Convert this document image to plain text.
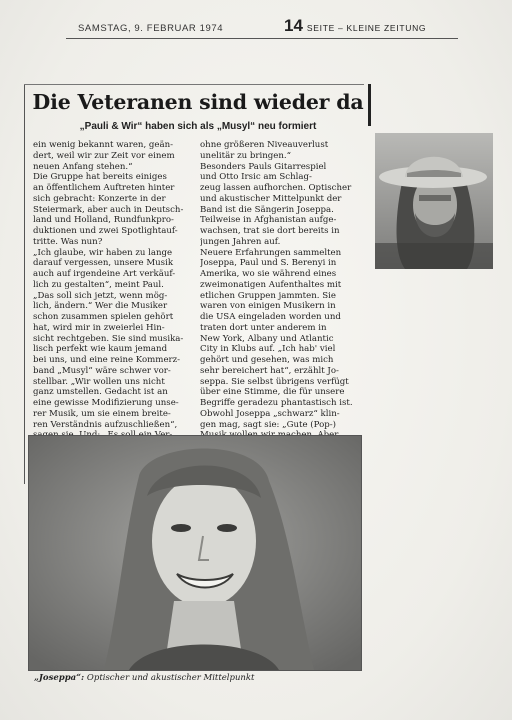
SAMSTAG, 9. FEBRUAR 1974	14 SEITE – KLEINE ZEITUNG
Die Veteranen sind wieder da
„Pauli & Wir“ haben sich als „Musyl“ neu formiert
ein wenig bekannt waren, geän-
dert, weil wir zur Zeit vor einem
neuen Anfang stehen.“
Die Gruppe hat bereits einiges
an öffentlichem Auftreten hinter
sich gebracht: Konzerte in der
Steiermark, aber auch in Deutsch-
land und Holland, Rundfunkpro-
duktionen und zwei Spotlightauf-
tritte. Was nun?
„Ich glaube, wir haben zu lange
darauf vergessen, unsere Musik
auch auf irgendeine Art verkäuf-
lich zu gestalten“, meint Paul.
„Das soll sich jetzt, wenn mög-
lich, ändern.“ Wer die Musiker
schon zusammen spielen gehört
hat, wird mir in zweierlei Hin-
sicht rechtgeben. Sie sind musika-
lisch perfekt wie kaum jemand
bei uns, und eine reine Kommerz-
band „Musyl“ wäre schwer vor-
stellbar. „Wir wollen uns nicht
ganz umstellen. Gedacht ist an
eine gewisse Modifizierung unse-
rer Musik, um sie einem breite-
ren Verständnis aufzuschließen“,
ohne größeren Niveauverlust
unelitär zu bringen.“
Besonders Pauls Gitarrespiel
und Otto Irsic am Schlag-
zeug lassen aufhorchen. Optischer
und akustischer Mittelpunkt der
Band ist die Sängerin Joseppa.
Teilweise in Afghanistan aufge-
wachsen, trat sie dort bereits in
jungen Jahren auf.
Neuere Erfahrungen sammelten
Joseppa, Paul und S. Berenyi in
Amerika, wo sie während eines
zweimonatigen Aufenthaltes mit
etlichen Gruppen jammten. Sie
waren von einigen Musikern in
die USA eingeladen worden und
traten dort unter anderem in
New York, Albany und Atlantic
City in Klubs auf. „Ich hab' viel
gehört und gesehen, was mich
sehr bereichert hat“, erzählt Jo-
seppa. Sie selbst übrigens verfügt
über eine Stimme, die für unsere
Begriffe geradezu phantastisch ist.
Obwohl Joseppa „schwarz“ klin-
gen mag, sagt sie: „Gute (Pop-)
„Joseppa“: Optischer und akustischer Mittelpunkt
